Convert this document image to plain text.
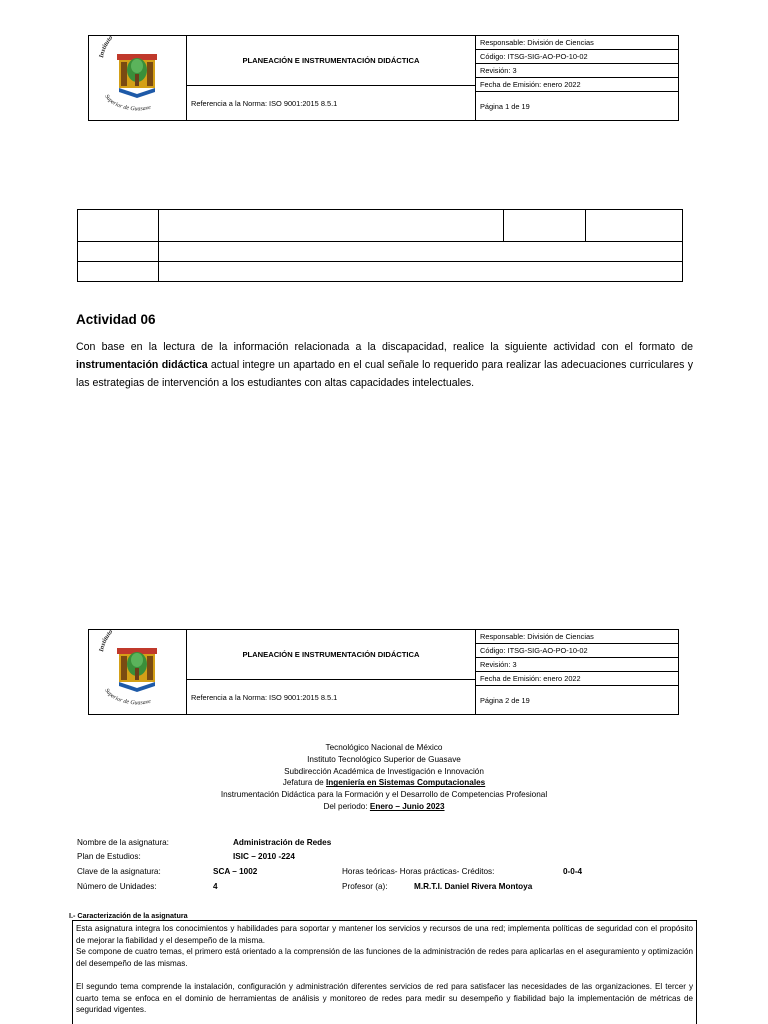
Instituto
Superior de Guasave
PLANEACIÓN E INSTRUMENTACIÓN DIDÁCTICA
Referencia a la Norma: ISO 9001:2015 8.5.1
Responsable: División de Ciencias
Código: ITSG-SIG-AO-PO-10-02
Revisión: 3
Fecha de Emisión: enero 2022
Página 1 de 19
Actividad 06
Con base en la lectura de la información relacionada a la discapacidad, realice la siguiente actividad con el formato de instrumentación didáctica actual integre un apartado en el cual señale lo requerido para realizar las adecuaciones curriculares y las estrategias de intervención a los estudiantes con altas capacidades intelectuales.
Instituto
Superior de Guasave
PLANEACIÓN E INSTRUMENTACIÓN DIDÁCTICA
Referencia a la Norma: ISO 9001:2015 8.5.1
Responsable: División de Ciencias
Código: ITSG-SIG-AO-PO-10-02
Revisión: 3
Fecha de Emisión: enero 2022
Página 2 de 19
Tecnológico Nacional de México
Instituto Tecnológico Superior de Guasave
Subdirección Académica de Investigación e Innovación
Jefatura de Ingeniería en Sistemas Computacionales
Instrumentación Didáctica para la Formación y el Desarrollo de Competencias Profesional
Del periodo: Enero – Junio 2023
Nombre de la asignatura:	Administración de Redes
Plan de Estudios:	ISIC – 2010 -224
Clave de la asignatura:	SCA – 1002	Horas teóricas- Horas prácticas- Créditos:	0-0-4
Número de Unidades:	4	Profesor (a):	M.R.T.I. Daniel Rivera Montoya
I.- Caracterización de la asignatura

Esta asignatura integra los conocimientos y habilidades para soportar y mantener los servicios y recursos de una red; implementa políticas de seguridad con el propósito de mejorar la fiabilidad y el desempeño de la misma.

Se compone de cuatro temas, el primero está orientado a la comprensión de las funciones de la administración de redes para aplicarlas en el aseguramiento y optimización del desempeño de las mismas.

El segundo tema comprende la instalación, configuración y administración diferentes servicios de red para satisfacer las necesidades de las organizaciones. El tercer y cuarto tema se enfoca en el dominio de herramientas de análisis y monitoreo de redes para medir su desempeño y fiabilidad bajo la implementación de métricas de seguridad vigentes.
